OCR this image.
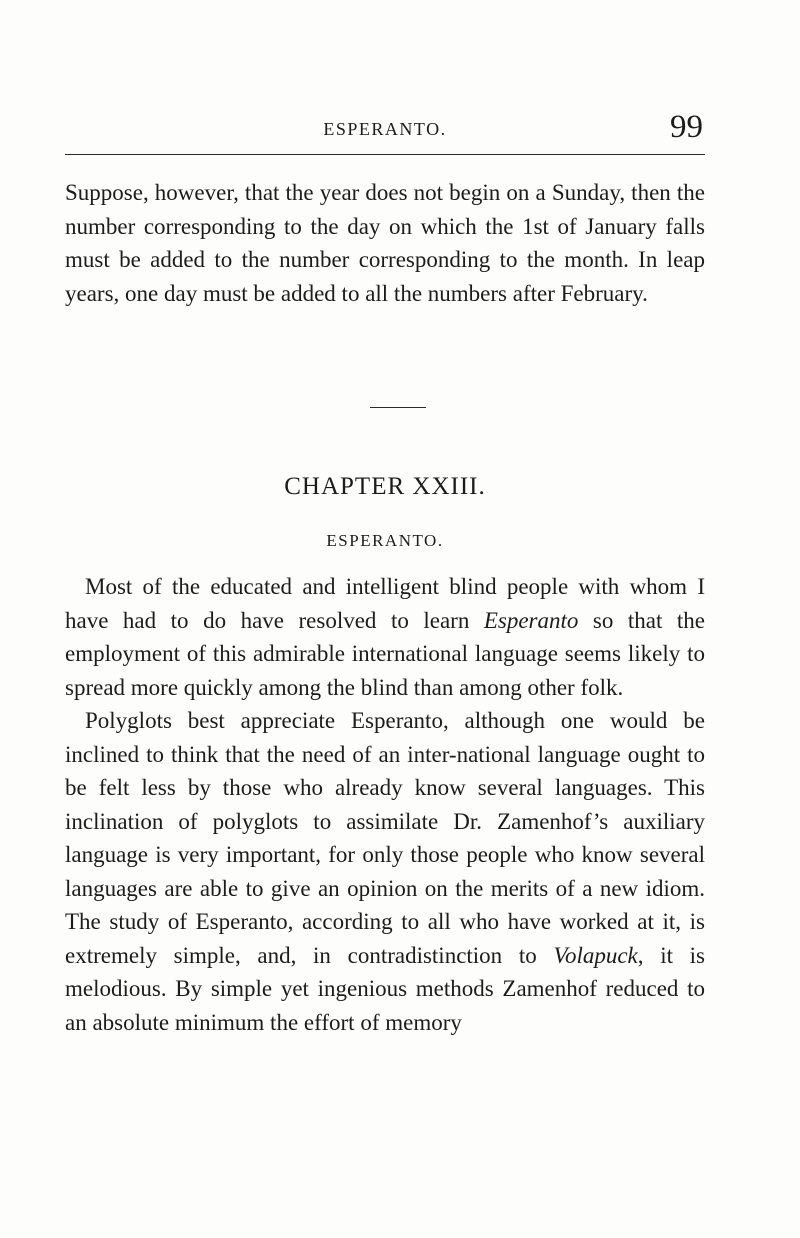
ESPERANTO.	99

Suppose, however, that the year does not begin on a Sunday, then the number corresponding to the day on which the 1st of January falls must be added to the number corresponding to the month. In leap years, one day must be added to all the numbers after February.

CHAPTER XXIII.
ESPERANTO.

Most of the educated and intelligent blind people with whom I have had to do have resolved to learn Esperanto so that the employment of this admirable international language seems likely to spread more quickly among the blind than among other folk.

Polyglots best appreciate Esperanto, although one would be inclined to think that the need of an inter-national language ought to be felt less by those who already know several languages. This inclination of polyglots to assimilate Dr. Zamenhof’s auxiliary language is very important, for only those people who know several languages are able to give an opinion on the merits of a new idiom. The study of Esperanto, according to all who have worked at it, is extremely simple, and, in contradistinction to Volapuck, it is melodious. By simple yet ingenious methods Zamenhof reduced to an absolute minimum the effort of memory
